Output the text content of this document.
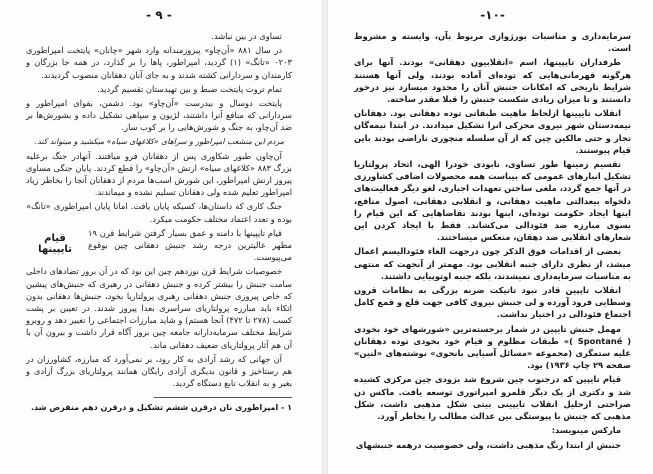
- ٩ -

تساوی در بین نباشد.

در سال ۸۸۱ «آن‌چاو» پیروزمندانه وارد شهر «چانان» پایتخت امپراطوری ۰۲۰۳ «تانگ» (۱) گردید، امپراطور، پاها را بر گذارد، در همه جا بزرگان و کارمندان و سردارانی کشته شدند و به جای آنان دهقانان منصوب گردیدند.

تمام تروت پایتخت ضبط و بین تهیدستان تقسیم گردید.

پایتخت دوسال و بیدرست «آن‌چاو» بود. دشمن، بقوای امپراطور و سردارانی که منافع آنرا داشتند، لژیون و سپاهی تشکیل داده و بشورش‌ها بر ضد آن‌چاو، به جنگ و شورش‌هایی را بر کوب ساز.

مردم این منشعب امپراطور و سراهای «کلاغهای سیاه» میکشید و میتواند کند.

آن‌چاون طبور شکاوری پس از دهقانان فرو میافتند. آنهادر جنگ برعلیه بزرگ ۸۸۳ «کلاغهای سیاه» ارتش «آن‌چاو» را قطع کردند. پایان جنگی مساوی پیروز ارتش امپراطور، این شورش اسب‌ها مردم از دهقانان آنجا را بخاطر زیاد امپراطور تعلیم شده ولی دهقانان تسلیم نشده و میماندند.

جنگ کاری که داستان‌ها، کسیکه پایان یافت. اماتا پایان امپراطوری «تانگ» بوده و تعدد اعتماد مختلف حکومت میکرد.

قیام تایپینها

قیام تایپینها با دامنه و عمق بسیار گرفتن شرایط قرن ۱۹ مظهر عالیترین درجه رشد جنبش دهقانی چین بوقوع می‌پیوست.

خصوصیات شرایط قرن نوزدهم چین این بود که در آن بروز تضادهای داخلی سامت جنبش را بیشتر کرده و جنبش دهقانی در رهبری که جنبش‌های پیشین که خاص پیروزی جنبش دهقانی رهبری پرولتاریا بخود، جنبش‌ها دهقانی بدون اتکاء باید مبارزه پرولتاریای سراسری بعدا پیروز شدند. در تعیین بر پشت کسب (۲۷۸ تا ۴۷۲) آنجا هستم) و شاید مبارزات اجتماعی را تغییر دهد و روبرو شرایط مختلف سرمایه‌دارانه جامعه چین بروز آگاه قرار داشت و بیرون آن با آن هم آثار پرولتاریای ضعیف دهقانی ماند.

آن جهانی که رشد آزادی به کار رود، بر نمی‌آورد که مبارزه، کشاورزان در هم رستاخیز و قانون بدیگری آزادی رایگان همانند پرولتاریای بزرگ آزادی و بغیر و به انقلاب تابع دستگاه گردید.

۱ - امپراطوری نان درقرن ششم تشکیل و درقرن دهم منقرض شد.
-١٠-

سرمایه‌داری و مناسبات بورژوازی مربوط بآن، وابسته و مشروط است.

طرفداران تایپینها، اسم «انقلابیون دهقانی» بودند. آنها برای هرگونه قهرمانی‌هایی که توده‌ای آماده بودند، ولی آنها هستند شرایط تاریخی که امکانات جنبش آنان را محدود میسازد نیز درخور دانستند و تا میزان زیادی شکست جنبش را قبلا مقدر ساخته.

انقلاب تایپینها ازلحاظ ماهیت طبقاتی توده دهقانی بود. دهقانان نیمه‌دستان شهر نیروی محرکی انرا تشکیل میدادند. در ابتدا نیمه‌گان تجار و حتی مالکین چین که از آن سلسله منچوری ناراضی بودند باین قیام پیوستند.

تقسیم زمینها طور تساوی، نابودی خودرا الهی، اتحاد پرولتاریا تشکیل انبارهای عمومی که بیباست همه محصولات اضافی کشاورزی در آنها جمع گردد، ملغی ساختن تعهدات اجباری، لغو دیگر فعالیت‌های دلخواه بیعدالتی ماهیت دهقانی، و انقلابی دهقانی، اصول منافع، اینها ایجاد حکومت توده‌ای، اینها بودند تقاضاهایی که این قیام را بسوی مبارزه ضد فئودالی می‌کشاند. فقط با ایجاد کردن این شعارهای انقلابی ضد دهقان، منعکس میساختند.

بعضی از اقدامات فوق الذکر چون درجهت الغاء فئودالیسم اعمال میشد، از نظری دارای جنبه انقلابی بود. مهمتر از آنجهت که منتهی به مناسبات سرمایه‌داری نمیشدند، بلکه جنبه اوتوپیایی داشتند.

انقلاب تایپین قادر نبود تاتیکت ضربه بزرگی به نظامات قرون وسطایی فرود آورده و لی جنبش نیروی کافی جهت قلع و قمع کامل اجتماع فئودالی در اختیار نداشت.

مهمل جنبش تایپین در شمار برجسته‌ترین «شورشهای خود بخودی ( Spontané )» طبقات مظلوم و قیام خود بخودی توده دهقانان علیه ستمگری (مجموعه «مسائل آسیایی بانحوی» نوشته‌های «لنین» صفحه ۲۹ چاپ ۱۹۳۶) بود.

قیام تایپین که درجنوب چین شروع شد بزودی چین مرکزی کشیده شد و دکتری از یک دیگر قلمرو امپراتوری توسعه یافت. ماکس دن صراحتی ازحلیل انقلاب تایپینی بیتی شکل مذهبی داشت، شکل مذهبی که جنبش با پیوستگی بین عدالت مطالب را بخاطر آورد.

مارکس مینویسد:

جنبش از ابتدا رنگ مذهبی داشت، ولی خصوصیت درهمه جنبشهای
